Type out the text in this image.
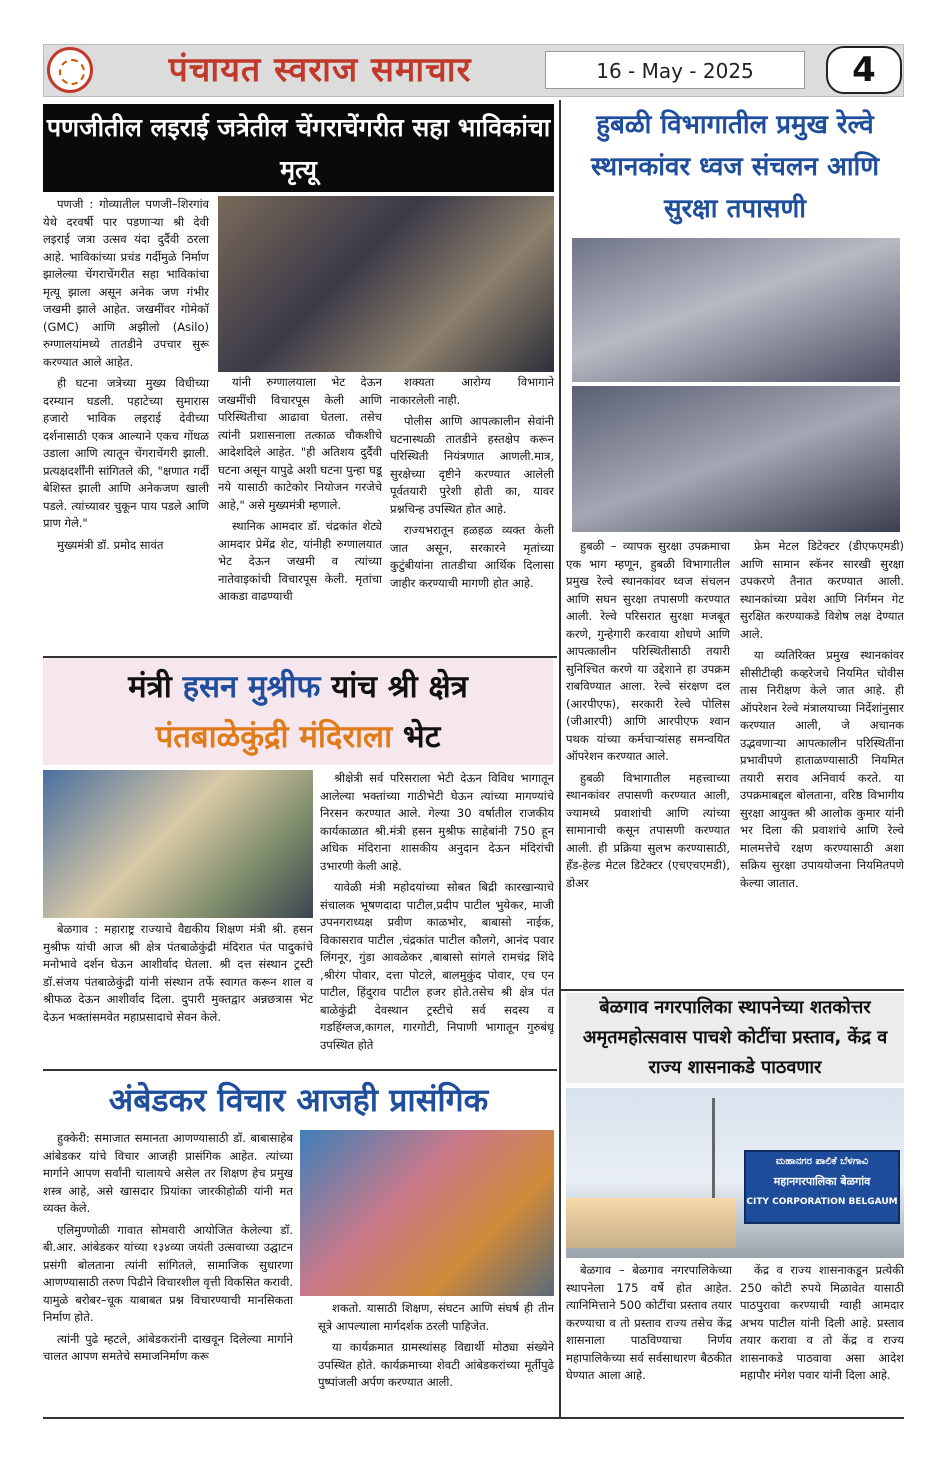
पंचायत स्वराज समाचार	16 - May - 2025	4
पणजीतील लइराई जत्रेतील चेंगराचेंगरीत सहा भाविकांचा मृत्यू

पणजी : गोव्यातील पणजी–शिरगांव येथे दरवर्षी पार पडणाऱ्या श्री देवी लइराई जत्रा उत्सव यंदा दुर्दैवी ठरला आहे. भाविकांच्या प्रचंड गर्दीमुळे निर्माण झालेल्या चेंगराचेंगरीत सहा भाविकांचा मृत्यू झाला असून अनेक जण गंभीर जखमी झाले आहेत. जखमींवर गोमेकॉ (GMC) आणि अझीलो (Asilo) रुग्णालयांमध्ये तातडीने उपचार सुरू करण्यात आले आहेत.

ही घटना जत्रेच्या मुख्य विधीच्या दरम्यान घडली. पहाटेच्या सुमारास हजारो भाविक लइराई देवीच्या दर्शनासाठी एकत्र आल्याने एकच गोंधळ उडाला आणि त्यातून चेंगराचेंगरी झाली. प्रत्यक्षदर्शींनी सांगितले की, "क्षणात गर्दी बेशिस्त झाली आणि अनेकजण खाली पडले. त्यांच्यावर चुकून पाय पडले आणि प्राण गेले."

मुख्यमंत्री डॉ. प्रमोद सावंत

यांनी रुग्णालयाला भेट देऊन जखमींची विचारपूस केली आणि परिस्थितीचा आढावा घेतला. तसेच त्यांनी प्रशासनाला तत्काळ चौकशीचे आदेशदिले आहेत. "ही अतिशय दुर्दैवी घटना असून यापुढे अशी घटना पुन्हा घडू नये यासाठी काटेकोर नियोजन गरजेचे आहे," असे मुख्यमंत्री म्हणाले.

स्थानिक आमदार डॉ. चंद्रकांत शेट्ये आमदार प्रेमेंद्र शेट, यांनीही रुग्णालयात भेट देऊन जखमी व त्यांच्या नातेवाइकांची विचारपूस केली. मृतांचा आकडा वाढण्याची

शक्यता आरोग्य विभागाने नाकारलेली नाही.

पोलीस आणि आपत्कालीन सेवांनी घटनास्थळी तातडीने हस्तक्षेप करून परिस्थिती नियंत्रणात आणली.मात्र, सुरक्षेच्या दृष्टीने करण्यात आलेली पूर्वतयारी पुरेशी होती का, यावर प्रश्नचिन्ह उपस्थित होत आहे.

राज्यभरातून हळहळ व्यक्त केली जात असून, सरकारने मृतांच्या कुटुंबीयांना तातडीचा आर्थिक दिलासा जाहीर करण्याची मागणी होत आहे.

हुबळी विभागातील प्रमुख रेल्वे स्थानकांवर ध्वज संचलन आणि सुरक्षा तपासणी

हुबळी – व्यापक सुरक्षा उपक्रमाचा एक भाग म्हणून, हुबळी विभागातील प्रमुख रेल्वे स्थानकांवर ध्वज संचलन आणि सघन सुरक्षा तपासणी करण्यात आली. रेल्वे परिसरात सुरक्षा मजबूत करणे, गुन्हेगारी करवाया शोधणे आणि आपत्कालीन परिस्थितीसाठी तयारी सुनिश्चित करणे या उद्देशाने हा उपक्रम राबविण्यात आला. रेल्वे संरक्षण दल (आरपीएफ), सरकारी रेल्वे पोलिस (जीआरपी) आणि आरपीएफ श्वान पथक यांच्या कर्मचाऱ्यांसह समन्वयित ऑपरेशन करण्यात आले.

हुबळी विभागातील महत्त्वाच्या स्थानकांवर तपासणी करण्यात आली, ज्यामध्ये प्रवाशांची आणि त्यांच्या सामानाची कसून तपासणी करण्यात आली. ही प्रक्रिया सुलभ करण्यासाठी, हँड-हेल्ड मेटल डिटेक्टर (एचएचएमडी), डोअर

फ्रेम मेटल डिटेक्टर (डीएफएमडी) आणि सामान स्कॅनर सारखी सुरक्षा उपकरणे तैनात करण्यात आली. स्थानकांच्या प्रवेश आणि निर्गमन गेट सुरक्षित करण्याकडे विशेष लक्ष देण्यात आले.

या व्यतिरिक्त प्रमुख स्थानकांवर सीसीटीव्ही कव्हरेजचे नियमित चोवीस तास निरीक्षण केले जात आहे. ही ऑपरेशन रेल्वे मंत्रालयाच्या निर्देशांनुसार करण्यात आली, जे अचानक उद्भवणाऱ्या आपत्कालीन परिस्थितींना प्रभावीपणे हाताळण्यासाठी नियमित तयारी सराव अनिवार्य करते. या उपक्रमाबद्दल बोलताना, वरिष्ठ विभागीय सुरक्षा आयुक्त श्री आलोक कुमार यांनी भर दिला की प्रवाशांचे आणि रेल्वे मालमत्तेचे रक्षण करण्यासाठी अशा सक्रिय सुरक्षा उपाययोजना नियमितपणे केल्या जातात.

मंत्री हसन मुश्रीफ यांच श्री क्षेत्र
पंतबाळेकुंद्री मंदिराला भेट

बेळगाव : महाराष्ट्र राज्याचे वैद्यकीय शिक्षण मंत्री श्री. हसन मुश्रीफ यांची आज श्री क्षेत्र पंतबाळेकुंद्री मंदिरात पंत पादुकांचे मनोभावे दर्शन घेऊन आशीर्वाद घेतला. श्री दत्त संस्थान ट्रस्टी डॉ.संजय पंतबाळेकुंद्री यांनी संस्थान तर्फे स्वागत करून शाल व श्रीफळ देऊन आशीर्वाद दिला. दुपारी मुक्तद्वार अन्नछत्रास भेट देऊन भक्तांसमवेत महाप्रसादाचे सेवन केले.

श्रीक्षेत्री सर्व परिसराला भेटी देऊन विविध भागातून आलेल्या भक्तांच्या गाठीभेटी घेऊन त्यांच्या मागण्यांचे निरसन करण्यात आले. गेल्या 30 वर्षातील राजकीय कार्यकाळात श्री.मंत्री हसन मुश्रीफ साहेबांनी 750 हून अधिक मंदिराना शासकीय अनुदान देऊन मंदिरांची उभारणी केली आहे.

यावेळी मंत्री महोदयांच्या सोबत बिद्री कारखान्याचे संचालक भूषणदादा पाटील,प्रदीप पाटील भुयेकर, माजी उपनगराध्यक्ष प्रवीण काळभोर, बाबासो नाईक, विकासराव पाटील ,चंद्रकांत पाटील कौलगे, आनंद पवार लिंगनूर, गुंडा आवळेकर ,बाबासो सांगले रामचंद्र शिंदे ,श्रीरंग पोवार, दत्ता पोटले, बालमुकुंद पोवार, एच एन पाटील, हिंदुराव पाटील हजर होते.तसेच श्री क्षेत्र पंत बाळेकुंद्री देवस्थान ट्रस्टीचे सर्व सदस्य व गडहिंग्लज,कागल, गारगोटी, निपाणी भागातून गुरुबंधू उपस्थित होते

अंबेडकर विचार आजही प्रासंगिक

हुक्केरी: समाजात समानता आणण्यासाठी डॉ. बाबासाहेब आंबेडकर यांचे विचार आजही प्रासंगिक आहेत. त्यांच्या मार्गाने आपण सर्वांनी चालायचे असेल तर शिक्षण हेच प्रमुख शस्त्र आहे, असे खासदार प्रियांका जारकीहोळी यांनी मत व्यक्त केले.

एलिमुण्णोळी गावात सोमवारी आयोजित केलेल्या डॉ. बी.आर. आंबेडकर यांच्या १३४व्या जयंती उत्सवाच्या उद्घाटन प्रसंगी बोलताना त्यांनी सांगितले, सामाजिक सुधारणा आणण्यासाठी तरुण पिढीने विचारशील वृत्ती विकसित करावी. यामुळे बरोबर–चूक याबाबत प्रश्न विचारण्याची मानसिकता निर्माण होते.

त्यांनी पुढे म्हटले, आंबेडकरांनी दाखवून दिलेल्या मार्गाने चालत आपण समतेचे समाजनिर्माण करू

शकतो. यासाठी शिक्षण, संघटन आणि संघर्ष ही तीन सूत्रे आपल्याला मार्गदर्शक ठरली पाहिजेत.

या कार्यक्रमात ग्रामस्थांसह विद्यार्थी मोठ्या संख्येने उपस्थित होते. कार्यक्रमाच्या शेवटी आंबेडकरांच्या मूर्तीपुढे पुष्पांजली अर्पण करण्यात आली.

बेळगाव नगरपालिका स्थापनेच्या शतकोत्तर अमृतमहोत्सवास पाचशे कोटींचा प्रस्ताव, केंद्र व राज्य शासनाकडे पाठवणार
ಮಹಾನಗರ ಪಾಲಿಕೆ ಬೆಳಗಾವಿ
महानगरपालिका बेळगांव
CITY CORPORATION BELGAUM

बेळगाव – बेळगाव नगरपालिकेच्या स्थापनेला 175 वर्षे होत आहेत. त्यानिमित्ताने 500 कोटींचा प्रस्ताव तयार करण्याचा व तो प्रस्ताव राज्य तसेच केंद्र शासनाला पाठविण्याचा निर्णय महापालिकेच्या सर्व सर्वसाधारण बैठकीत घेण्यात आला आहे.

केंद्र व राज्य शासनाकडून प्रत्येकी 250 कोटी रुपये मिळावेत यासाठी पाठपुरावा करण्याची ग्वाही आमदार अभय पाटील यांनी दिली आहे. प्रस्ताव तयार करावा व तो केंद्र व राज्य शासनाकडे पाठवावा असा आदेश महापौर मंगेश पवार यांनी दिला आहे.
